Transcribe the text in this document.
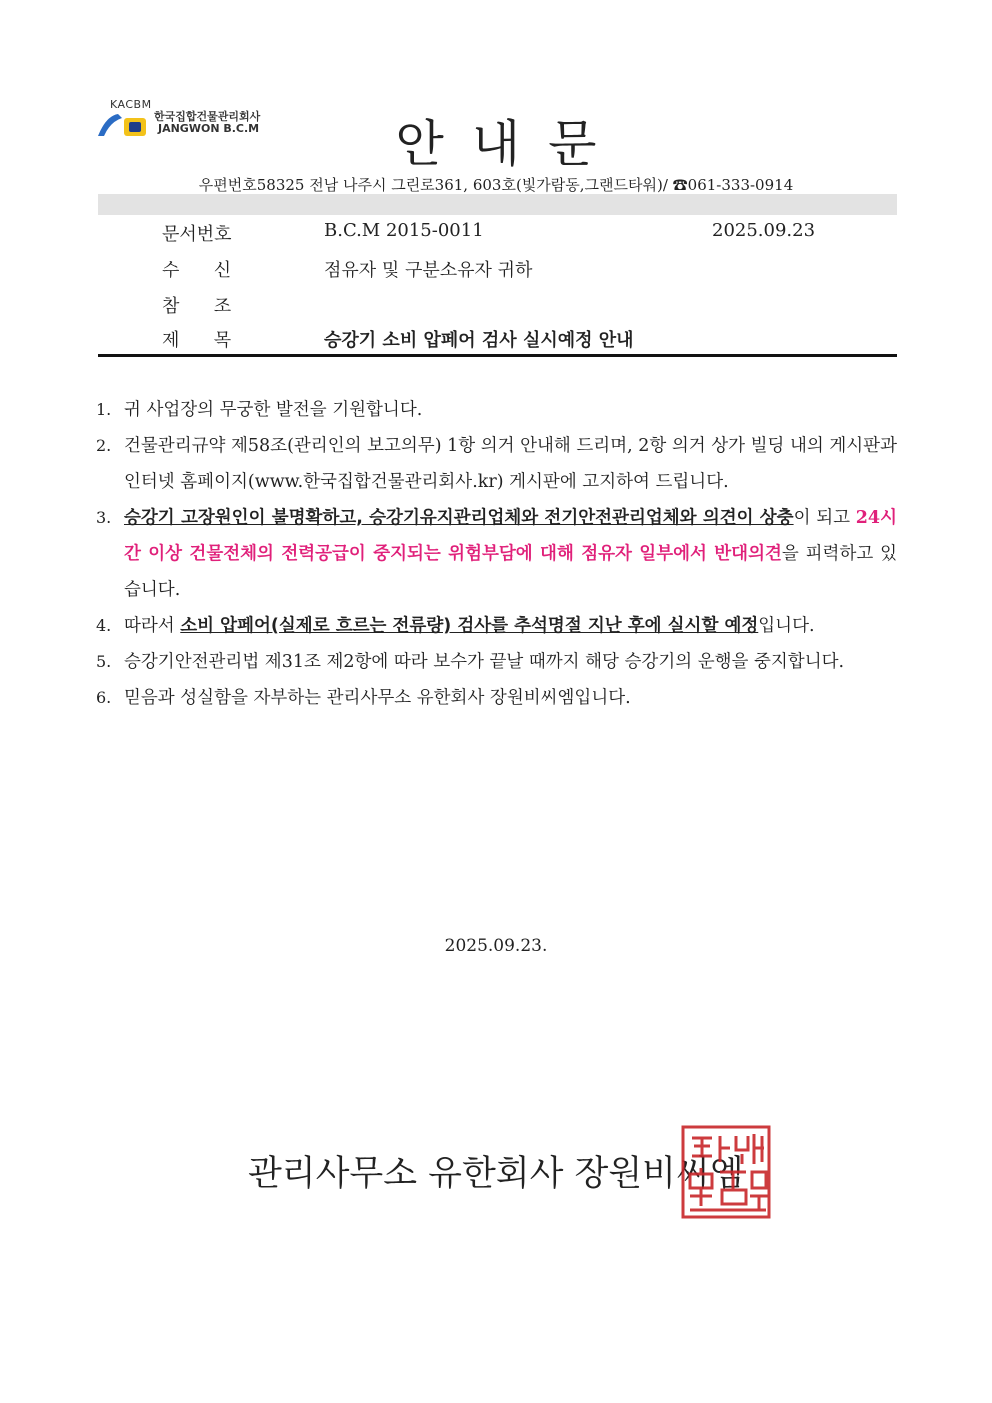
KACBM
한국집합건물관리회사
JANGWON B.C.M	안내문
우편번호58325 전남 나주시 그린로361, 603호(빛가람동,그랜드타워)/ ☎061-333-0914
문서번호	B.C.M 2015-0011	2025.09.23
수      신	점유자 및 구분소유자 귀하
참      조
제      목	승강기 소비 압페어 검사 실시예정 안내
1. 귀 사업장의 무궁한 발전을 기원합니다.
2. 건물관리규약 제58조(관리인의 보고의무) 1항 의거 안내해 드리며, 2항 의거 상가 빌딩 내의 게시판과 인터넷 홈페이지(www.한국집합건물관리회사.kr) 게시판에 고지하여 드립니다.
3. 승강기 고장원인이 불명확하고, 승강기유지관리업체와 전기안전관리업체와 의견이 상충이 되고 24시간 이상 건물전체의 전력공급이 중지되는 위험부담에 대해 점유자 일부에서 반대의견을 피력하고 있습니다.
4. 따라서 소비 압페어(실제로 흐르는 전류량) 검사를 추석명절 지난 후에 실시할 예정입니다.
5. 승강기안전관리법 제31조 제2항에 따라 보수가 끝날 때까지 해당 승강기의 운행을 중지합니다.
6. 믿음과 성실함을 자부하는 관리사무소 유한회사 장원비씨엠입니다.
2025.09.23.
관리사무소 유한회사 장원비씨엠
